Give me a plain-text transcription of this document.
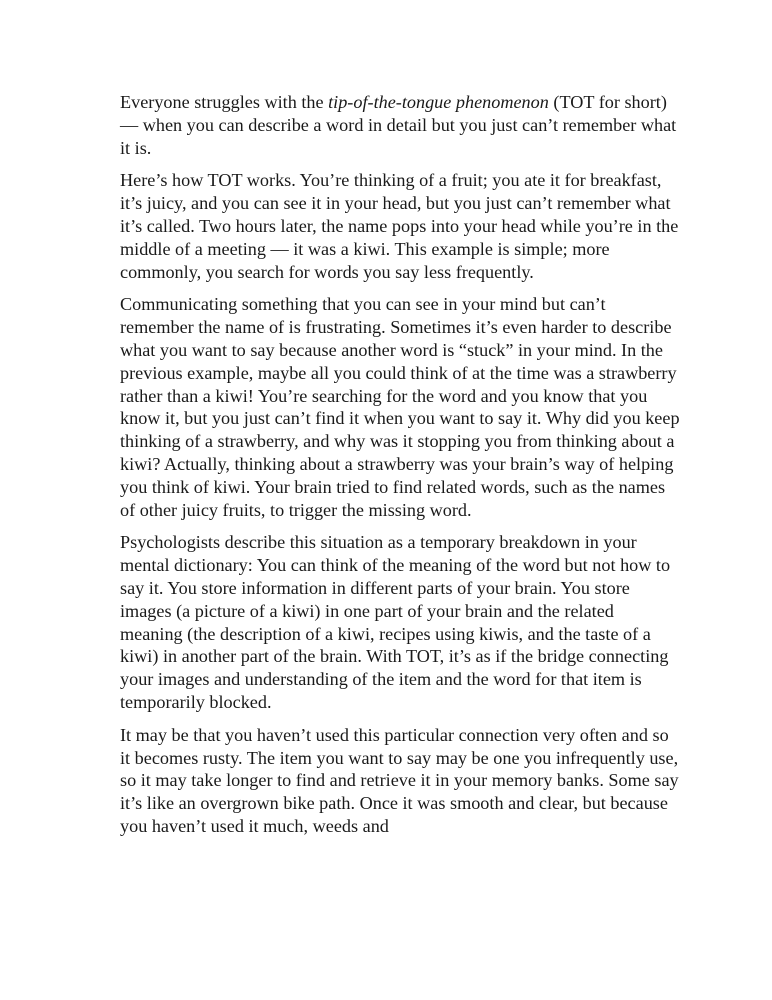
Everyone struggles with the tip-of-the-tongue phenomenon (TOT for short) — when you can describe a word in detail but you just can’t remember what it is.

Here’s how TOT works. You’re thinking of a fruit; you ate it for breakfast, it’s juicy, and you can see it in your head, but you just can’t remember what it’s called. Two hours later, the name pops into your head while you’re in the middle of a meeting — it was a kiwi. This example is simple; more commonly, you search for words you say less frequently.

Communicating something that you can see in your mind but can’t remember the name of is frustrating. Sometimes it’s even harder to describe what you want to say because another word is “stuck” in your mind. In the previous example, maybe all you could think of at the time was a strawberry rather than a kiwi! You’re searching for the word and you know that you know it, but you just can’t find it when you want to say it. Why did you keep thinking of a strawberry, and why was it stopping you from thinking about a kiwi? Actually, thinking about a strawberry was your brain’s way of helping you think of kiwi. Your brain tried to find related words, such as the names of other juicy fruits, to trigger the missing word.

Psychologists describe this situation as a temporary breakdown in your mental dictionary: You can think of the meaning of the word but not how to say it. You store information in different parts of your brain. You store images (a picture of a kiwi) in one part of your brain and the related meaning (the description of a kiwi, recipes using kiwis, and the taste of a kiwi) in another part of the brain. With TOT, it’s as if the bridge connecting your images and understanding of the item and the word for that item is temporarily blocked.

It may be that you haven’t used this particular connection very often and so it becomes rusty. The item you want to say may be one you infrequently use, so it may take longer to find and retrieve it in your memory banks. Some say it’s like an overgrown bike path. Once it was smooth and clear, but because you haven’t used it much, weeds and
